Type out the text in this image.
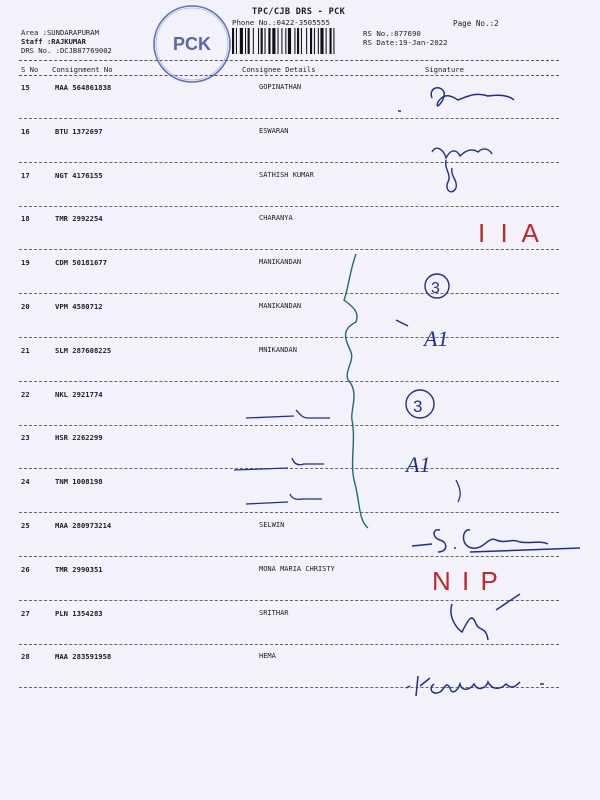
TPC/CJB DRS - PCK
Phone No.:0422-3505555	Page No.:2
Area :SUNDARAPURAM
Staff :RAJKUMAR
DRS No. :DCJB87769002
RS No.:877690
RS Date:19-Jan-2022
PCK
S No Consignment No	Consignee Details	Signature
15	MAA 564861838	GOPINATHAN
16	BTU 1372697	ESWARAN
17	NGT 4176155	SATHISH KUMAR
18	TMR 2992254	CHARANYA
19	CDM 50181677	MANIKANDAN
20	VPM 4580712	MANIKANDAN
21	SLM 287608225	MNIKANDAN
22	NKL 2921774
23	HSR 2262299
24	TNM 1008198
25	MAA 280973214	SELWIN
26	TMR 2990351	MONA MARIA CHRISTY
27	PLN 1354283	SRITHAR
28	MAA 283591958	HEMA
I I A
3
A1
3
A1
N I P
